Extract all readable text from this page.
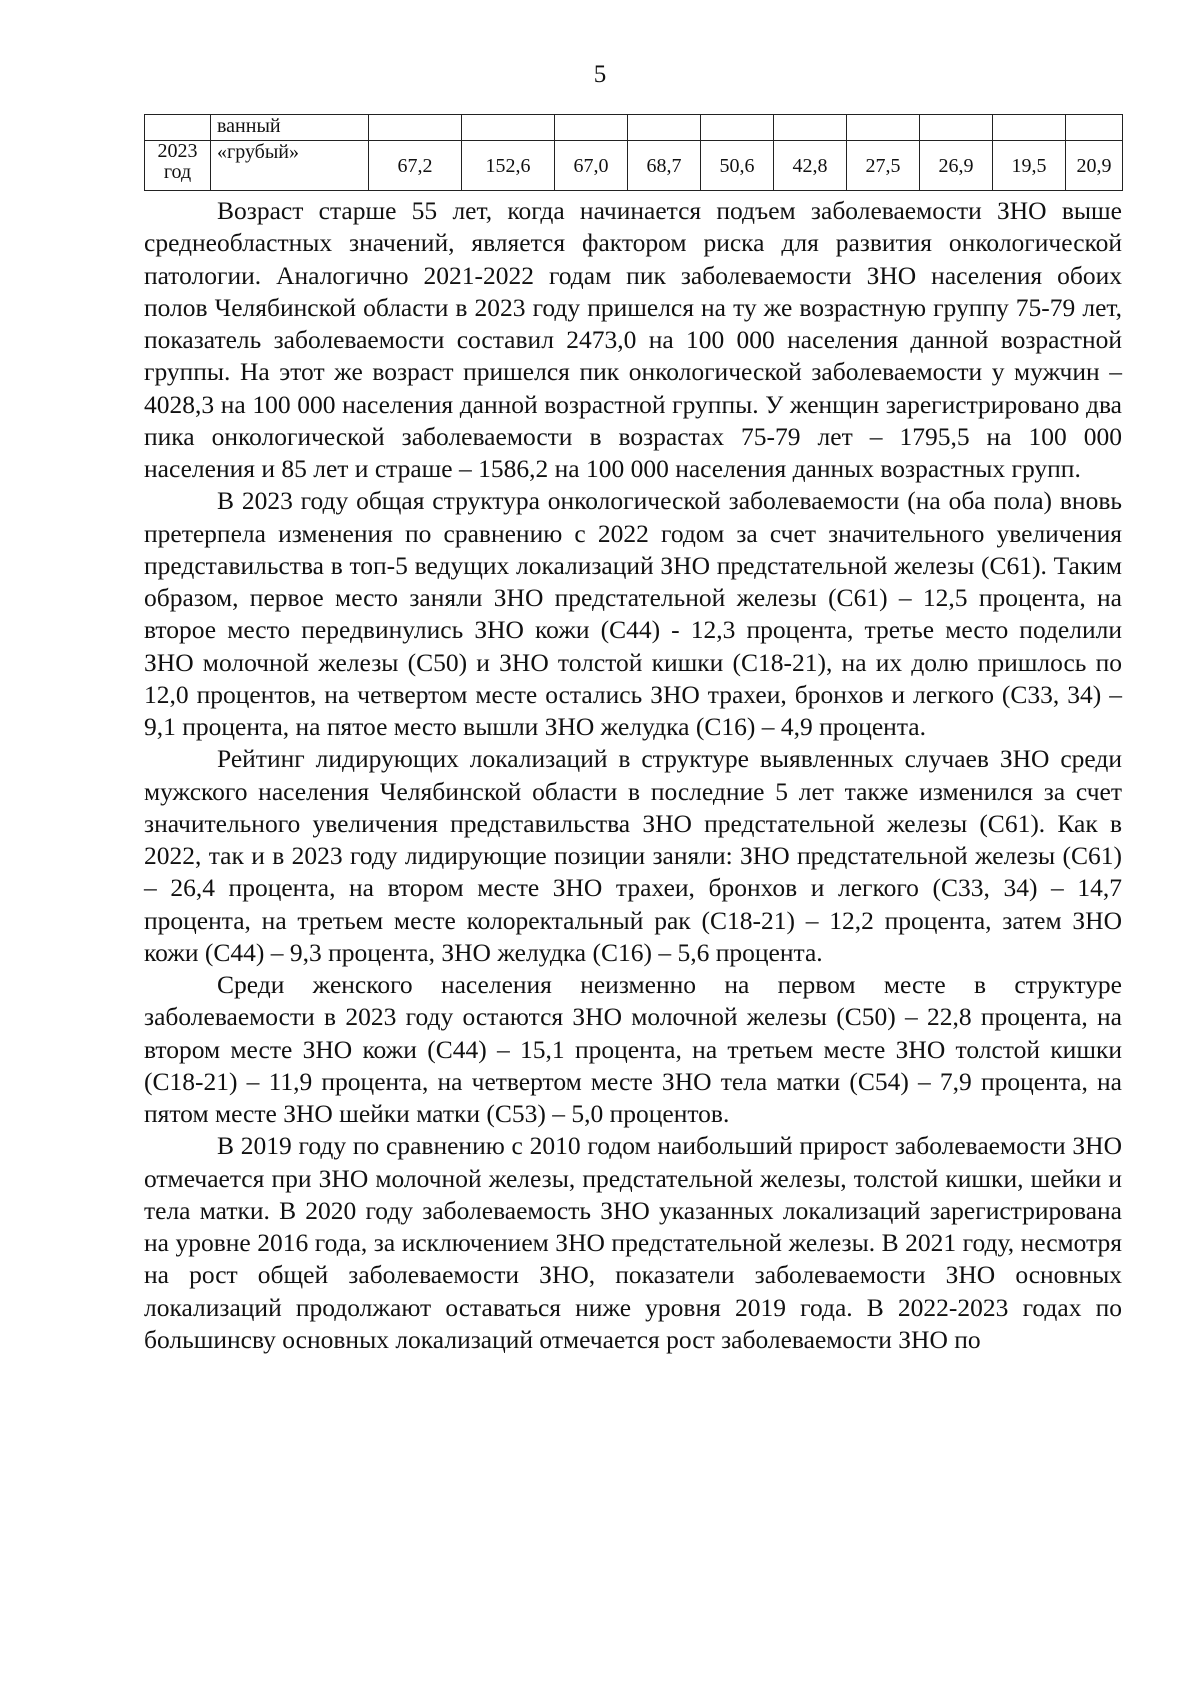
5
	ванный										
2023 год	«грубый»	67,2	152,6	67,0	68,7	50,6	42,8	27,5	26,9	19,5	20,9

Возраст старше 55 лет, когда начинается подъем заболеваемости ЗНО выше среднеобластных значений, является фактором риска для развития онкологической патологии. Аналогично 2021-2022 годам пик заболеваемости ЗНО населения обоих полов Челябинской области в 2023 году пришелся на ту же возрастную группу 75-79 лет, показатель заболеваемости составил 2473,0 на 100 000 населения данной возрастной группы. На этот же возраст пришелся пик онкологической заболеваемости у мужчин – 4028,3 на 100 000 населения данной возрастной группы. У женщин зарегистрировано два пика онкологической заболеваемости в возрастах 75-79 лет – 1795,5 на 100 000 населения и 85 лет и страше – 1586,2 на 100 000 населения данных возрастных групп.

В 2023 году общая структура онкологической заболеваемости (на оба пола) вновь претерпела изменения по сравнению с 2022 годом за счет значительного увеличения представильства в топ-5 ведущих локализаций ЗНО предстательной железы (С61). Таким образом, первое место заняли ЗНО предстательной железы (С61) – 12,5 процента, на второе место передвинулись ЗНО кожи (С44) - 12,3 процента, третье место поделили ЗНО молочной железы (С50) и ЗНО толстой кишки (С18-21), на их долю пришлось по 12,0 процентов, на четвертом месте остались ЗНО трахеи, бронхов и легкого (С33, 34) – 9,1 процента, на пятое место вышли ЗНО желудка (С16) – 4,9 процента.

Рейтинг лидирующих локализаций в структуре выявленных случаев ЗНО среди мужского населения Челябинской области в последние 5 лет также изменился за счет значительного увеличения представильства ЗНО предстательной железы (С61). Как в 2022, так и в 2023 году лидирующие позиции заняли: ЗНО предстательной железы (С61) – 26,4 процента, на втором месте ЗНО трахеи, бронхов и легкого (С33, 34) – 14,7 процента, на третьем месте колоректальный рак (С18-21) – 12,2 процента, затем ЗНО кожи (С44) – 9,3 процента, ЗНО желудка (С16) – 5,6 процента.

Среди женского населения неизменно на первом месте в структуре заболеваемости в 2023 году остаются ЗНО молочной железы (С50) – 22,8 процента, на втором месте ЗНО кожи (С44) – 15,1 процента, на третьем месте ЗНО толстой кишки (С18-21) – 11,9 процента, на четвертом месте ЗНО тела матки (С54) – 7,9 процента, на пятом месте ЗНО шейки матки (С53) – 5,0 процентов.

В 2019 году по сравнению с 2010 годом наибольший прирост заболеваемости ЗНО отмечается при ЗНО молочной железы, предстательной железы, толстой кишки, шейки и тела матки. В 2020 году заболеваемость ЗНО указанных локализаций зарегистрирована на уровне 2016 года, за исключением ЗНО предстательной железы. В 2021 году, несмотря на рост общей заболеваемости ЗНО, показатели заболеваемости ЗНО основных локализаций продолжают оставаться ниже уровня 2019 года. В 2022-2023 годах по большинсву основных локализаций отмечается рост заболеваемости ЗНО по
